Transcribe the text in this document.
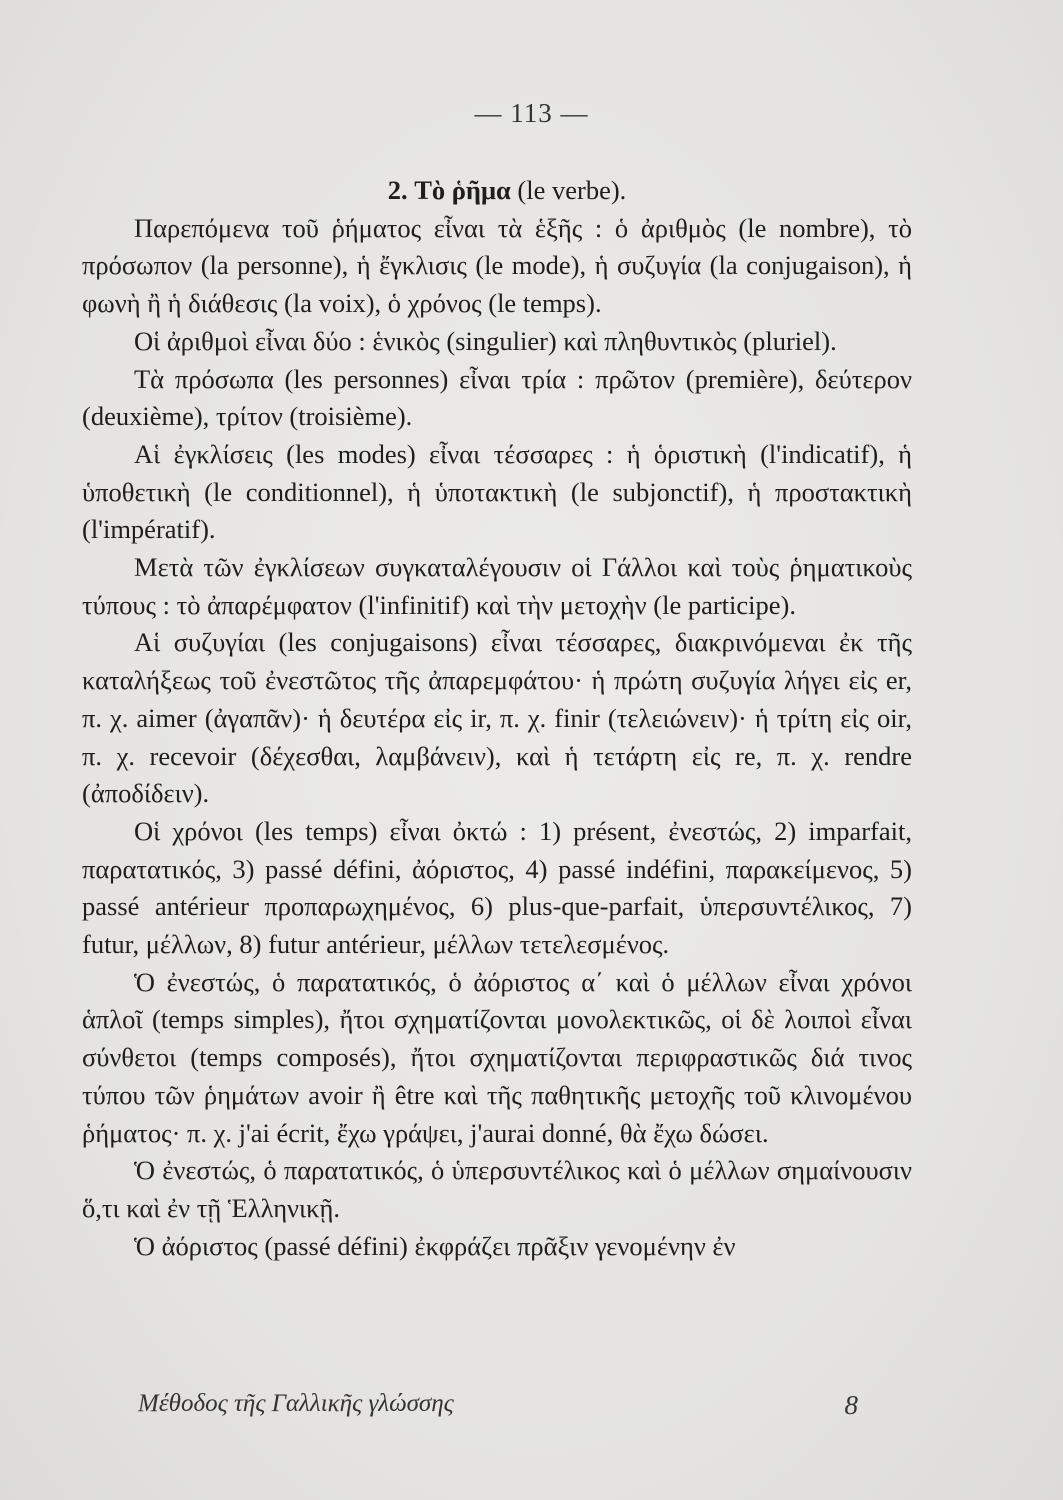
— 113 —
2. Τὸ ῥῆμα (le verbe).

Παρεπόμενα τοῦ ῥήματος εἶναι τὰ ἑξῆς : ὁ ἀριθμὸς (le nombre), τὸ πρόσωπον (la personne), ἡ ἔγκλισις (le mode), ἡ συζυγία (la conjugaison), ἡ φωνὴ ἢ ἡ διάθεσις (la voix), ὁ χρόνος (le temps).

Οἱ ἀριθμοὶ εἶναι δύο : ἑνικὸς (singulier) καὶ πληθυντικὸς (pluriel).

Τὰ πρόσωπα (les personnes) εἶναι τρία : πρῶτον (première), δεύτερον (deuxième), τρίτον (troisième).

Αἱ ἐγκλίσεις (les modes) εἶναι τέσσαρες : ἡ ὁριστικὴ (l'indicatif), ἡ ὑποθετικὴ (le conditionnel), ἡ ὑποτακτικὴ (le subjonctif), ἡ προστακτικὴ (l'impératif).

Μετὰ τῶν ἐγκλίσεων συγκαταλέγουσιν οἱ Γάλλοι καὶ τοὺς ῥηματικοὺς τύπους : τὸ ἀπαρέμφατον (l'infinitif) καὶ τὴν μετοχὴν (le participe).

Αἱ συζυγίαι (les conjugaisons) εἶναι τέσσαρες, διακρινόμεναι ἐκ τῆς καταλήξεως τοῦ ἐνεστῶτος τῆς ἀπαρεμφάτου· ἡ πρώτη συζυγία λήγει εἰς er, π. χ. aimer (ἀγαπᾶν)· ἡ δευτέρα εἰς ir, π. χ. finir (τελειώνειν)· ἡ τρίτη εἰς oir, π. χ. recevoir (δέχεσθαι, λαμβάνειν), καὶ ἡ τετάρτη εἰς re, π. χ. rendre (ἀποδίδειν).

Οἱ χρόνοι (les temps) εἶναι ὀκτώ : 1) présent, ἐνεστώς, 2) imparfait, παρατατικός, 3) passé défini, ἀόριστος, 4) passé indéfini, παρακείμενος, 5) passé antérieur προπαρωχημένος, 6) plus-que-parfait, ὑπερσυντέλικος, 7) futur, μέλλων, 8) futur antérieur, μέλλων τετελεσμένος.

Ὁ ἐνεστώς, ὁ παρατατικός, ὁ ἀόριστος α΄ καὶ ὁ μέλλων εἶναι χρόνοι ἁπλοῖ (temps simples), ἤτοι σχηματίζονται μονολεκτικῶς, οἱ δὲ λοιποὶ εἶναι σύνθετοι (temps composés), ἤτοι σχηματίζονται περιφραστικῶς διά τινος τύπου τῶν ῥημάτων avoir ἢ être καὶ τῆς παθητικῆς μετοχῆς τοῦ κλινομένου ῥήματος· π. χ. j'ai écrit, ἔχω γράψει, j'aurai donné, θὰ ἔχω δώσει.

Ὁ ἐνεστώς, ὁ παρατατικός, ὁ ὑπερσυντέλικος καὶ ὁ μέλλων σημαίνουσιν ὅ,τι καὶ ἐν τῇ Ἑλληνικῇ.

Ὁ ἀόριστος (passé défini) ἐκφράζει πρᾶξιν γενομένην ἐν

Μέθοδος τῆς Γαλλικῆς γλώσσης	8
